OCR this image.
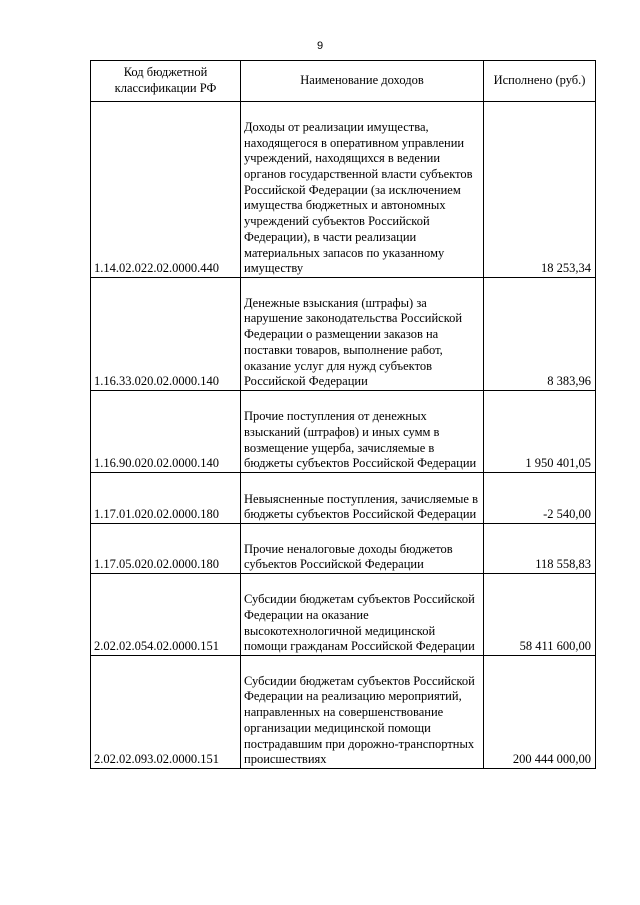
9
Код бюджетной классификации РФ	Наименование доходов	Исполнено (руб.)
1.14.02.022.02.0000.440	Доходы от реализации имущества, находящегося в оперативном управлении учреждений, находящихся в ведении органов государственной власти субъектов Российской Федерации (за исключением имущества бюджетных и автономных учреждений субъектов Российской Федерации), в части реализации материальных запасов по указанному имуществу	18 253,34
1.16.33.020.02.0000.140	Денежные взыскания (штрафы) за нарушение законодательства Российской Федерации о размещении заказов на поставки товаров, выполнение работ, оказание услуг для нужд субъектов Российской Федерации	8 383,96
1.16.90.020.02.0000.140	Прочие поступления от денежных взысканий (штрафов) и иных сумм в возмещение ущерба, зачисляемые в бюджеты субъектов Российской Федерации	1 950 401,05
1.17.01.020.02.0000.180	Невыясненные поступления, зачисляемые в бюджеты субъектов Российской Федерации	-2 540,00
1.17.05.020.02.0000.180	Прочие неналоговые доходы бюджетов субъектов Российской Федерации	118 558,83
2.02.02.054.02.0000.151	Субсидии бюджетам субъектов Российской Федерации на оказание высокотехнологичной медицинской помощи гражданам Российской Федерации	58 411 600,00
2.02.02.093.02.0000.151	Субсидии бюджетам субъектов Российской Федерации на реализацию мероприятий, направленных на совершенствование организации медицинской помощи пострадавшим при дорожно-транспортных происшествиях	200 444 000,00
